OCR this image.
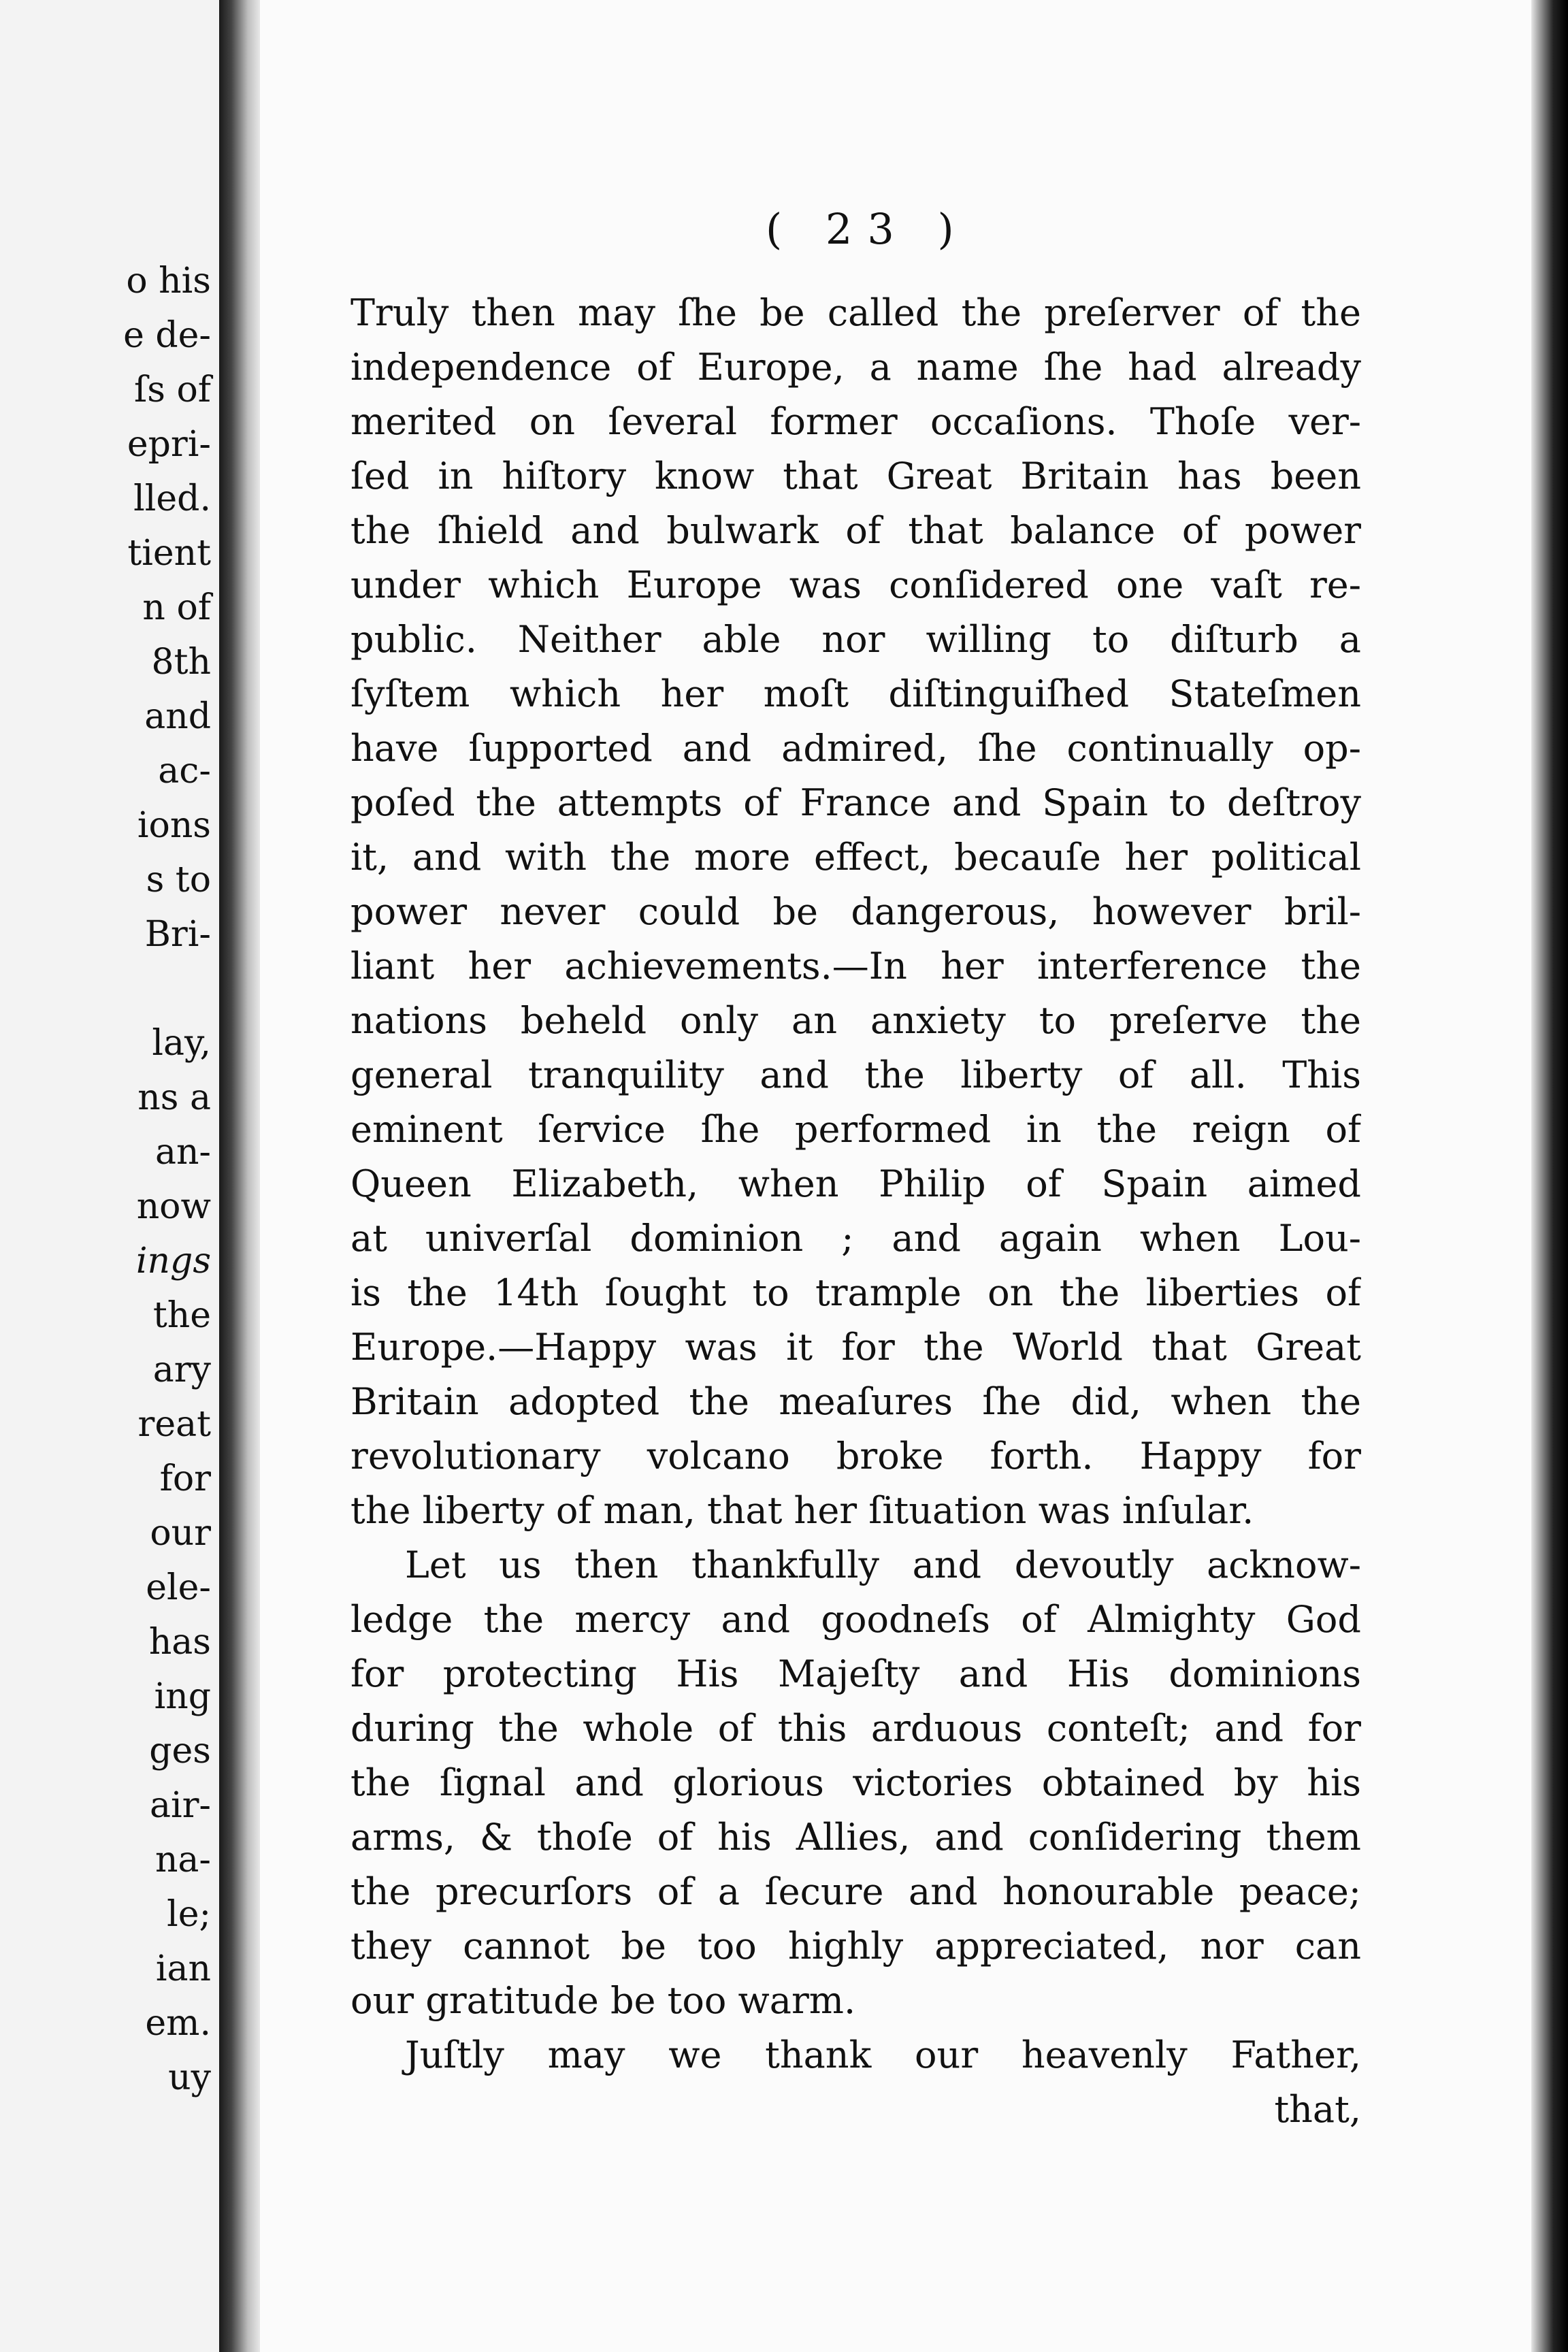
o his
e de-
ſs of
epri-
lled.
tient
n of
8th
and
ac-
ions
s to
Bri-
lay,
ns a
an-
now
ings
the
ary
reat
for
our
ele-
has
ing
ges
air-
na-
le;
ian
em.
uy
( 23 )
Truly then may ſhe be called the preſerver of the
independence of Europe, a name ſhe had already
merited on ſeveral former occaſions. Thoſe ver-
ſed in hiſtory know that Great Britain has been
the ſhield and bulwark of that balance of power
under which Europe was conſidered one vaſt re-
public. Neither able nor willing to diſturb a
ſyſtem which her moſt diſtinguiſhed Stateſmen
have ſupported and admired, ſhe continually op-
poſed the attempts of France and Spain to deſtroy
it, and with the more effect, becauſe her political
power never could be dangerous, however bril-
liant her achievements.—In her interference the
nations beheld only an anxiety to preſerve the
general tranquility and the liberty of all. This
eminent ſervice ſhe performed in the reign of
Queen Elizabeth, when Philip of Spain aimed
at univerſal dominion ; and again when Lou-
is the 14th ſought to trample on the liberties of
Europe.—Happy was it for the World that Great
Britain adopted the meaſures ſhe did, when the
revolutionary volcano broke forth. Happy for
the liberty of man, that her ſituation was inſular.
Let us then thankfully and devoutly acknow-
ledge the mercy and goodneſs of Almighty God
for protecting His Majeſty and His dominions
during the whole of this arduous conteſt; and for
the ſignal and glorious victories obtained by his
arms, & thoſe of his Allies, and conſidering them
the precurſors of a ſecure and honourable peace;
they cannot be too highly appreciated, nor can
our gratitude be too warm.
Juſtly may we thank our heavenly Father,
that,
